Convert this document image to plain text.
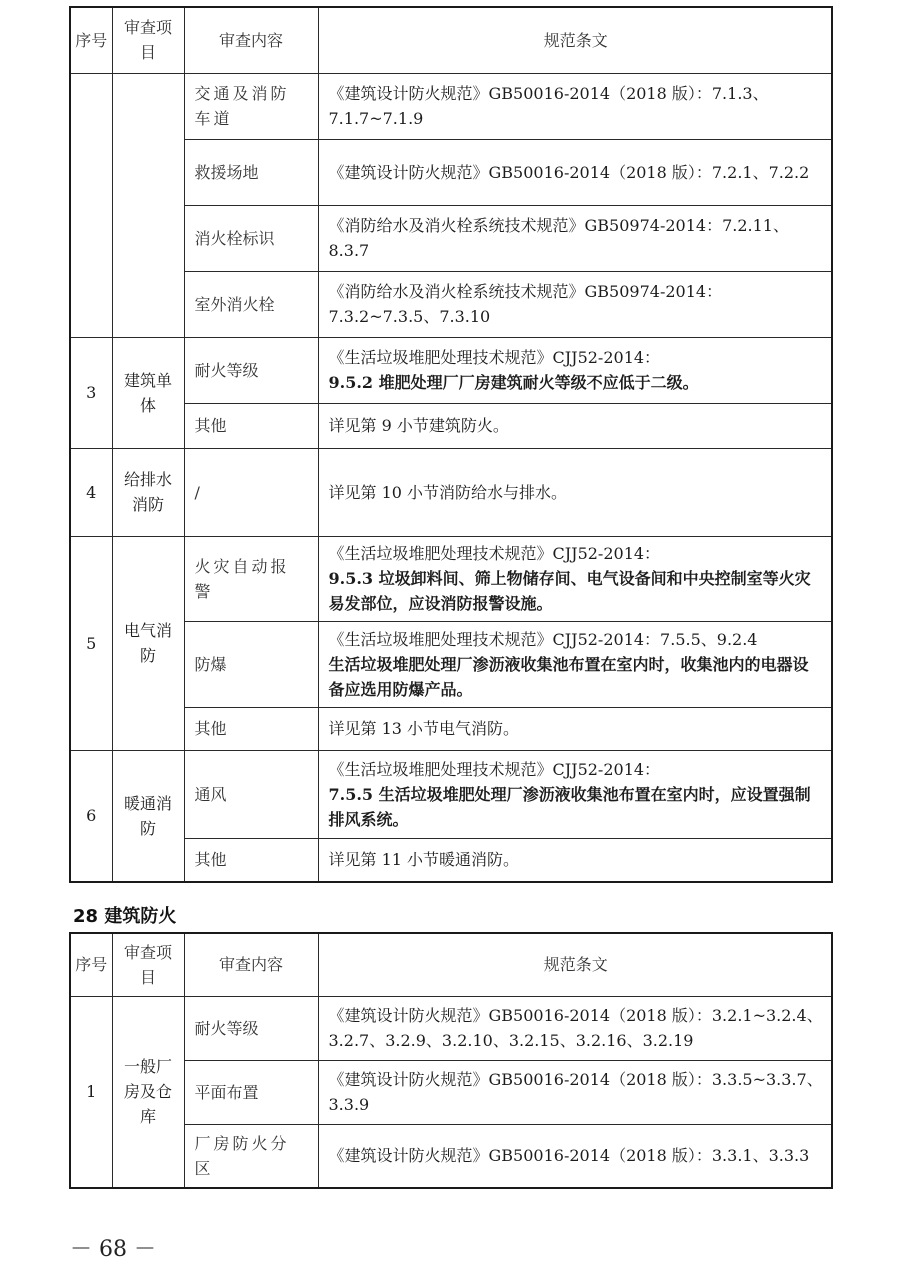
序号	审查项目	审查内容	规范条文
		交通及消防车道	《建筑设计防火规范》GB50016-2014（2018 版）：7.1.3、7.1.7~7.1.9
		救援场地	《建筑设计防火规范》GB50016-2014（2018 版）：7.2.1、7.2.2
		消火栓标识	《消防给水及消火栓系统技术规范》GB50974-2014：7.2.11、8.3.7
		室外消火栓	《消防给水及消火栓系统技术规范》GB50974-2014：7.3.2~7.3.5、7.3.10
3	建筑单体	耐火等级	《生活垃圾堆肥处理技术规范》CJJ52-2014：
9.5.2 堆肥处理厂厂房建筑耐火等级不应低于二级。

		其他	详见第 9 小节建筑防火。
4	给排水消防	/	详见第 10 小节消防给水与排水。
5	电气消防	火灾自动报警	《生活垃圾堆肥处理技术规范》CJJ52-2014：
9.5.3 垃圾卸料间、筛上物储存间、电气设备间和中央控制室等火灾易发部位，应设消防报警设施。

		防爆	《生活垃圾堆肥处理技术规范》CJJ52-2014：7.5.5、9.2.4
生活垃圾堆肥处理厂渗沥液收集池布置在室内时，收集池内的电器设备应选用防爆产品。

		其他	详见第 13 小节电气消防。
6	暖通消防	通风	《生活垃圾堆肥处理技术规范》CJJ52-2014：
7.5.5 生活垃圾堆肥处理厂渗沥液收集池布置在室内时，应设置强制排风系统。

		其他	详见第 11 小节暖通消防。
28 建筑防火
序号	审查项目	审查内容	规范条文
1	一般厂房及仓库	耐火等级	《建筑设计防火规范》GB50016-2014（2018 版）：3.2.1~3.2.4、3.2.7、3.2.9、3.2.10、3.2.15、3.2.16、3.2.19
		平面布置	《建筑设计防火规范》GB50016-2014（2018 版）：3.3.5~3.3.7、3.3.9
		厂房防火分区	《建筑设计防火规范》GB50016-2014（2018 版）：3.3.1、3.3.3
－ 68 －
